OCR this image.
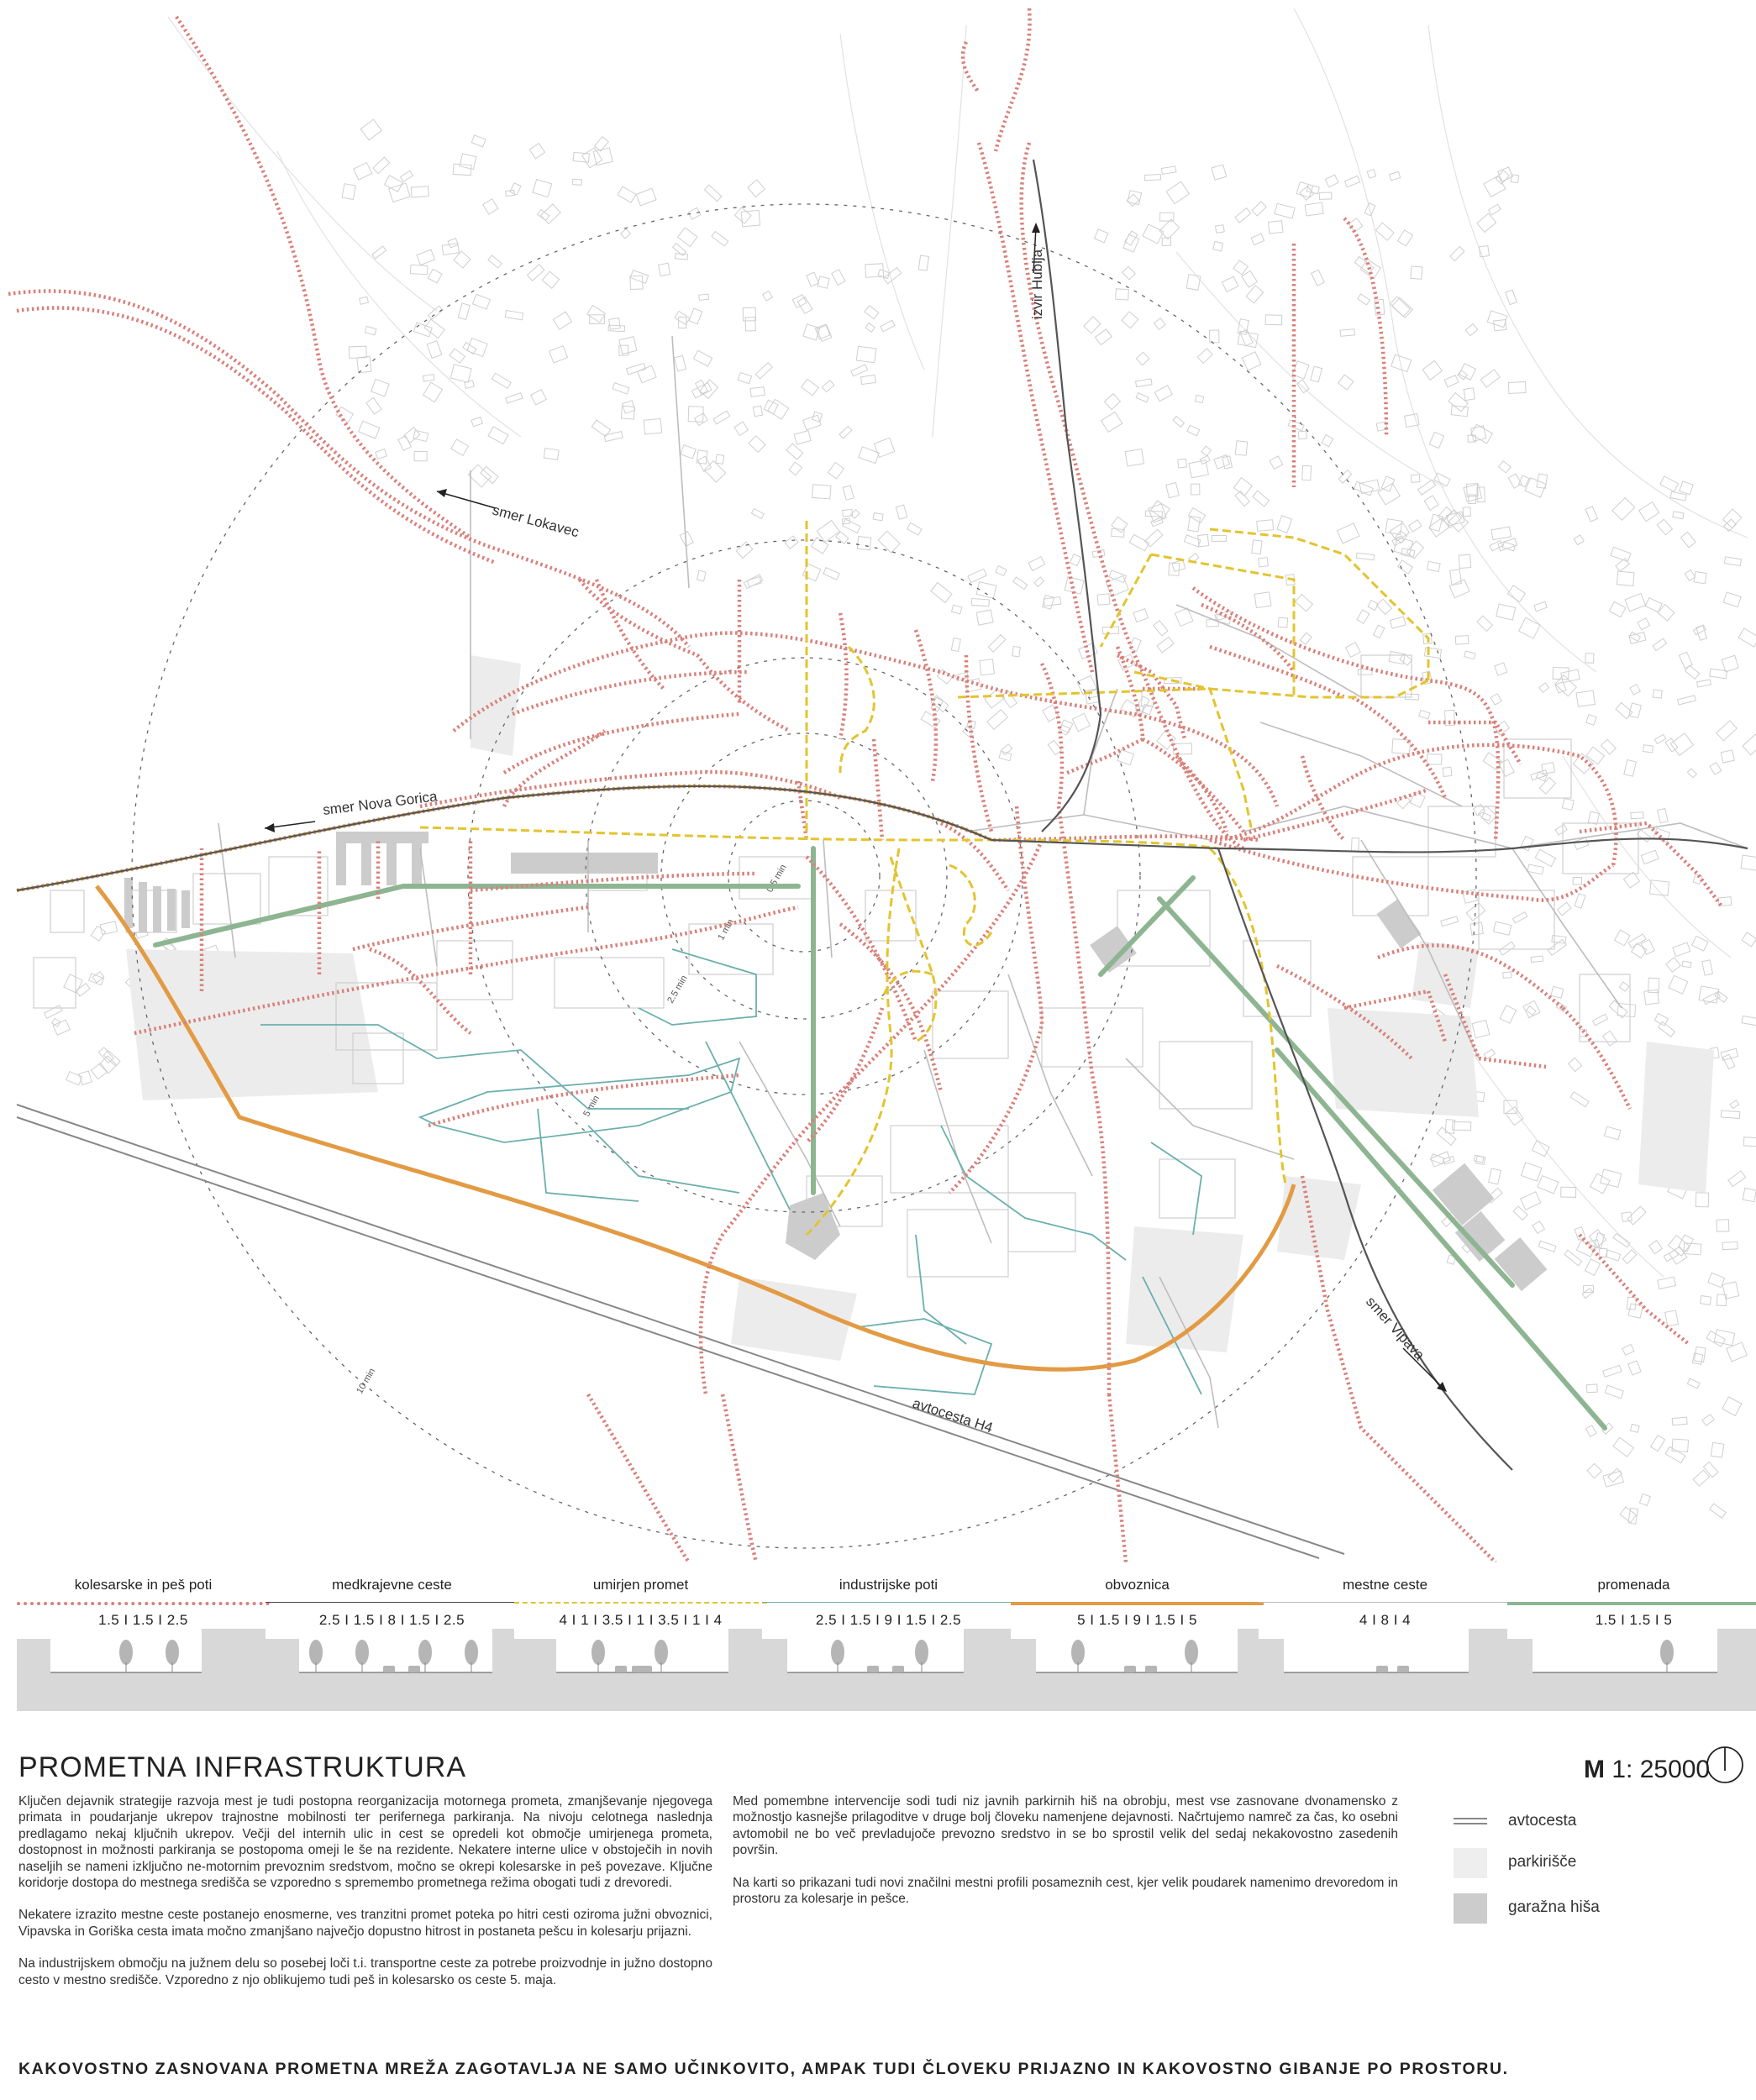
0.5 min
1 min
2.5 min
5 min
10 min
smer Lokavec
smer Nova Gorica
izvir Hublja
smer Vipava
avtocesta H4
kolesarske in peš poti
1.5 I 1.5 I 2.5
medkrajevne ceste
2.5 I 1.5 I 8 I 1.5 I 2.5
umirjen promet
4 I 1 I 3.5 I 1 I 3.5 I 1 I 4
industrijske poti
2.5 I 1.5 I 9 I 1.5 I 2.5
obvoznica
5 I 1.5 I 9 I 1.5 I 5
mestne ceste
4 I 8 I 4
promenada
1.5 I 1.5 I 5
PROMETNA INFRASTRUKTURA	M 1: 25000

Ključen dejavnik strategije razvoja mest je tudi postopna reorganizacija motornega prometa, zmanjševanje njegovega primata in poudarjanje ukrepov trajnostne mobilnosti ter perifernega parkiranja. Na nivoju celotnega naslednja predlagamo nekaj ključnih ukrepov. Večji del internih ulic in cest se opredeli kot območje umirjenega prometa, dostopnost in možnosti parkiranja se postopoma omeji le še na rezidente. Nekatere interne ulice v obstoječih in novih naseljih se nameni izključno ne-motornim prevoznim sredstvom, močno se okrepi kolesarske in peš povezave. Ključne koridorje dostopa do mestnega središča se vzporedno s spremembo prometnega režima obogati tudi z drevoredi.

Nekatere izrazito mestne ceste postanejo enosmerne, ves tranzitni promet poteka po hitri cesti oziroma južni obvoznici, Vipavska in Goriška cesta imata močno zmanjšano največjo dopustno hitrost in postaneta pešcu in kolesarju prijazni.

Na industrijskem območju na južnem delu so posebej loči t.i. transportne ceste za potrebe proizvodnje in južno dostopno cesto v mestno središče. Vzporedno z njo oblikujemo tudi peš in kolesarsko os ceste 5. maja.

Med pomembne intervencije sodi tudi niz javnih parkirnih hiš na obrobju, mest vse zasnovane dvonamensko z možnostjo kasnejše prilagoditve v druge bolj človeku namenjene dejavnosti. Načrtujemo namreč za čas, ko osebni avtomobil ne bo več prevladujoče prevozno sredstvo in se bo sprostil velik del sedaj nekakovostno zasedenih površin.

Na karti so prikazani tudi novi značilni mestni profili posameznih cest, kjer velik poudarek namenimo drevoredom in prostoru za kolesarje in pešce.

avtocesta
parkirišče
garažna hiša
KAKOVOSTNO ZASNOVANA PROMETNA MREŽA ZAGOTAVLJA NE SAMO UČINKOVITO, AMPAK TUDI ČLOVEKU PRIJAZNO IN KAKOVOSTNO GIBANJE PO PROSTORU.
